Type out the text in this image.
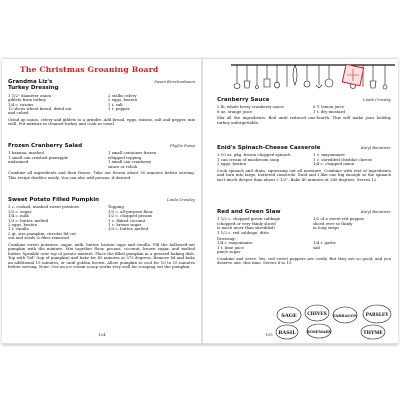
The Christmas Groaning Board
Grandma Liz's
Turkey Dressing
Susan Kirschenbaum
1 1/2" diameter onion
giblets from turkey
1/4 c. raisins
12 slices wheat bread, dried out
and cubed
2 stalks celery
2 eggs, beaten
2 t. salt
1 t. pepper
Grind up onion, celery and giblets to a grinder. Add bread, eggs, raisins, salt and pepper, mix well. Put mixture in cleaned turkey and cook as usual.
Frozen Cranberry Salad	Phyllis Pump
1 banana, mashed
1 small can crushed pineapple
undrained
1 small container frozen
whipped topping
1 small can cranberry
sauce or relish
Combine all ingredients and then freeze. Take out frozen about 30 minutes before serving. This recipe doubles easily. You can also add pecans, if desired.
Sweet Potato Filled Pumpkin	Linda Crowley
3 c. cooked, mashed sweet potatoes
1/2 c. sugar
1/4 c. milk
1/3 c. butter, melted
2 eggs, beaten
1 t. vanilla
2 qt. size pumpkin, circular lid cut
out and seeds & fiber removed
Topping
1/3 c. all-purpose flour
1/2 c. chopped pecans
1 c. flaked coconut
1 c. brown sugar
1/3 c. butter, melted
Combine sweet potatoes, sugar, milk, butter, beaten eggs and vanilla. Fill the hollowed-out pumpkin with the mixture. Mix together flour, pecans, coconut, brown sugar, and melted butter. Sprinkle over top of potato mixture. Place the filled pumpkin in a greased baking dish. Top with "lid" (top of pumpkin) and bake for 45 minutes at 375 degrees. Remove lid and bake an additional 15 minutes, or until golden brown. Allow pumpkin to cool for 10 to 15 minutes before serving. Note: Use an ice cream scoop works very well for scraping out the pumpkin.
104
Cranberry Sauce	Linda Crowley
2 lb. whole berry cranberry sauce
8 oz. orange juice
6 T. lemon juice
1 t. dry mustard
Mix all the ingredients. Boil until reduced one-fourth. This will make your holiday turkey unforgettable.
Enid's Spinach-Cheese Casserole	Karyl Bannister
2-10 oz. pkg. frozen chopped spinach
1 can cream of mushroom soup
2 eggs, beaten
1 c. mayonnaise
1 c. shredded cheddar cheese
1/4 c. chopped onion
Cook spinach and drain, squeezing out all moisture. Combine with rest of ingredients and turn into large, buttered casserole. Enid and I like one big enough so the spinach isn't much deeper than about 2 1/2". Bake 40 minutes at 260 degrees. Serves 12
Red and Green Slaw	Karyl Bannister
1 1/2 c. chopped green cabbage
(chopped or very thinly sliced
is much nicer than shredded)
1 1/2 c. red cabbage, ditto
1/2 of a sweet red pepper,
sliced ever so thinly
in long strips
Dressing:
1/4 c. mayonnaise
1 t. lime juice
pinch sugar
1/4 t. garlic
salt
Combine and serve. Yes, red sweet peppers are costly. But they are so good, and you deserve one, this time. Serves 8 to 10
SAGE CHIVES TARRAGON PARSLEY
BASIL	ROSEMARY	THYME
105
